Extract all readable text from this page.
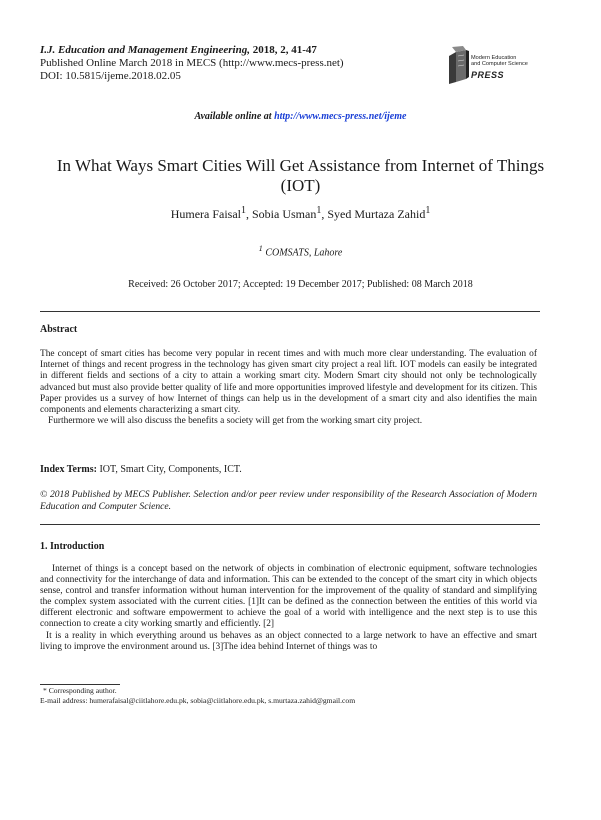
I.J. Education and Management Engineering, 2018, 2, 41-47
Published Online March 2018 in MECS (http://www.mecs-press.net)
DOI: 10.5815/ijeme.2018.02.05
Modern Education
and Computer Science
PRESS
Available online at http://www.mecs-press.net/ijeme
In What Ways Smart Cities Will Get Assistance from Internet of Things (IOT)
Humera Faisal$^1$, Sobia Usman$^1$, Syed Murtaza Zahid$^1$
$^1$ COMSATS, Lahore
Received: 26 October 2017; Accepted: 19 December 2017; Published: 08 March 2018
Abstract

The concept of smart cities has become very popular in recent times and with much more clear understanding. The evaluation of Internet of things and recent progress in the technology has given smart city project a real lift. IOT models can easily be integrated in different fields and sections of a city to attain a working smart city. Modern Smart city should not only be technologically advanced but must also provide better quality of life and more opportunities improved lifestyle and development for its citizen. This Paper provides us a survey of how Internet of things can help us in the development of a smart city and also identifies the main components and elements characterizing a smart city.

Furthermore we will also discuss the benefits a society will get from the working smart city project.

Index Terms: IOT, Smart City, Components, ICT.
© 2018 Published by MECS Publisher. Selection and/or peer review under responsibility of the Research Association of Modern Education and Computer Science.
1. Introduction

Internet of things is a concept based on the network of objects in combination of electronic equipment, software technologies and connectivity for the interchange of data and information. This can be extended to the concept of the smart city in which objects sense, control and transfer information without human intervention for the improvement of the quality of standard and simplifying the complex system associated with the current cities. [1]It can be defined as the connection between the entities of this world via different electronic and software empowerment to achieve the goal of a world with intelligence and the next step is to use this connection to create a city working smartly and efficiently. [2]

It is a reality in which everything around us behaves as an object connected to a large network to have an effective and smart living to improve the environment around us. [3]The idea behind Internet of things was to

* Corresponding author.
E-mail address: humerafaisal@ciitlahore.edu.pk, sobia@ciitlahore.edu.pk, s.murtaza.zahid@gmail.com
